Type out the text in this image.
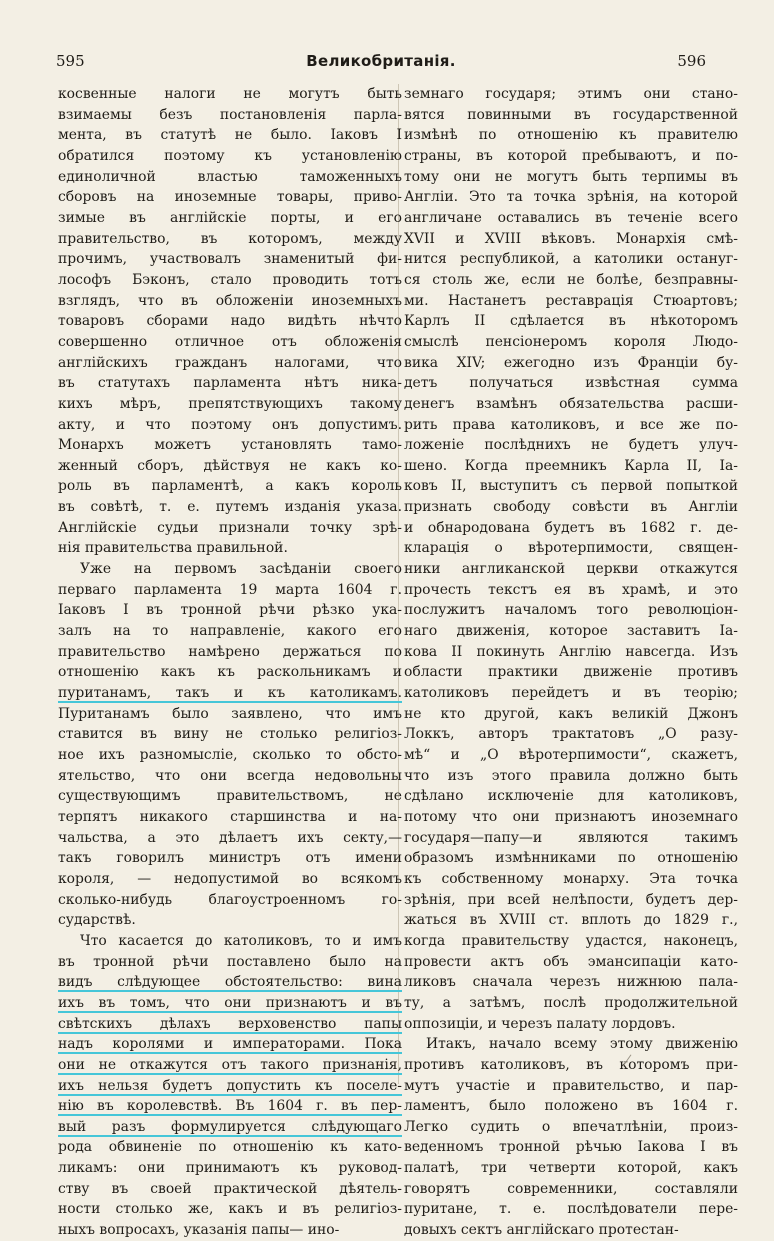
595	Великобританія.	596
косвенные налоги не могутъ быть
взимаемы безъ постановленія парла-
мента, въ статутѣ не было. Іаковъ I
обратился поэтому къ установленію
единоличной властью таможенныхъ
сборовъ на иноземные товары, приво-
зимые въ англійскіе порты, и его
правительство, въ которомъ, между
прочимъ, участвовалъ знаменитый фи-
лософъ Бэконъ, стало проводить тотъ
взглядъ, что въ обложеніи иноземныхъ
товаровъ сборами надо видѣть нѣчто
совершенно отличное отъ обложенія
англійскихъ гражданъ налогами, что
въ статутахъ парламента нѣтъ ника-
кихъ мѣръ, препятствующихъ такому
акту, и что поэтому онъ допустимъ.
Монархъ можетъ установлять тамо-
женный сборъ, дѣйствуя не какъ ко-
роль въ парламентѣ, а какъ король
въ совѣтѣ, т. е. путемъ изданія указа.
Англійскіе судьи признали точку зрѣ-
нія правительства правильной.
Уже на первомъ засѣданіи своего
перваго парламента 19 марта 1604 г.
Іаковъ I въ тронной рѣчи рѣзко ука-
залъ на то направленіе, какого его
правительство намѣрено держаться по
отношенію какъ къ раскольникамъ и
пуританамъ, такъ и къ католикамъ.
Пуританамъ было заявлено, что имъ
ставится въ вину не столько религіоз-
ное ихъ разномысліе, сколько то обсто-
ятельство, что они всегда недовольны
существующимъ правительствомъ, не
терпятъ никакого старшинства и на-
чальства, а это дѣлаетъ ихъ секту,—
такъ говорилъ министръ отъ имени
короля, — недопустимой во всякомъ
сколько-нибудь благоустроенномъ го-
сударствѣ.
Что касается до католиковъ, то и имъ
въ тронной рѣчи поставлено было на
видъ слѣдующее обстоятельство: вина
ихъ въ томъ, что они признаютъ и въ
свѣтскихъ дѣлахъ верховенство папы
надъ королями и императорами. Пока
они не откажутся отъ такого признанія,
ихъ нельзя будетъ допустить къ поселе-
нію въ королевствѣ. Въ 1604 г. въ пер-
вый разъ формулируется слѣдующаго
рода обвиненіе по отношенію къ като-
ликамъ: они принимаютъ къ руковод-
ству въ своей практической дѣятель-
ности столько же, какъ и въ религіоз-
ныхъ вопросахъ, указанія папы— ино-
земнаго государя; этимъ они стано-
вятся повинными въ государственной
измѣнѣ по отношенію къ правителю
страны, въ которой пребываютъ, и по-
тому они не могутъ быть терпимы въ
Англіи. Это та точка зрѣнія, на которой
англичане оставались въ теченіе всего
XVII и XVIII вѣковъ. Монархія смѣ-
нится республикой, а католики остануг-
ся столь же, если не болѣе, безправны-
ми. Настанетъ реставрація Стюартовъ;
Карлъ II сдѣлается въ нѣкоторомъ
смыслѣ пенсіонеромъ короля Людо-
вика XIV; ежегодно изъ Франціи бу-
детъ получаться извѣстная сумма
денегъ взамѣнъ обязательства расши-
рить права католиковъ, и все же по-
ложеніе послѣднихъ не будетъ улуч-
шено. Когда преемникъ Карла II, Іа-
ковъ II, выступитъ съ первой попыткой
признать свободу совѣсти въ Англіи
и обнародована будетъ въ 1682 г. де-
кларація о вѣротерпимости, священ-
ники англиканской церкви откажутся
прочесть текстъ ея въ храмѣ, и это
послужитъ началомъ того революціон-
наго движенія, которое заставитъ Іа-
кова II покинуть Англію навсегда. Изъ
области практики движеніе противъ
католиковъ перейдетъ и въ теорію;
не кто другой, какъ великій Джонъ
Локкъ, авторъ трактатовъ „О разу-
мѣ“ и „О вѣротерпимости“, скажетъ,
что изъ этого правила должно быть
сдѣлано исключеніе для католиковъ,
потому что они признаютъ иноземнаго
государя—папу—и являются такимъ
образомъ измѣнниками по отношенію
къ собственному монарху. Эта точка
зрѣнія, при всей нелѣпости, будетъ дер-
жаться въ XVIII ст. вплоть до 1829 г.,
когда правительству удастся, наконецъ,
провести актъ объ эмансипаціи като-
ликовъ сначала черезъ нижнюю пала-
ту, а затѣмъ, послѣ продолжительной
оппозиціи, и черезъ палату лордовъ.
Итакъ, начало всему этому движенію
противъ католиковъ, въ которомъ при-
мутъ участіе и правительство, и пар-
ламентъ, было положено въ 1604 г.
Легко судить о впечатлѣніи, произ-
веденномъ тронной рѣчью Іакова I въ
палатѣ, три четверти которой, какъ
говорятъ современники, составляли
пуритане, т. е. послѣдователи пере-
довыхъ сектъ англійскаго протестан-
